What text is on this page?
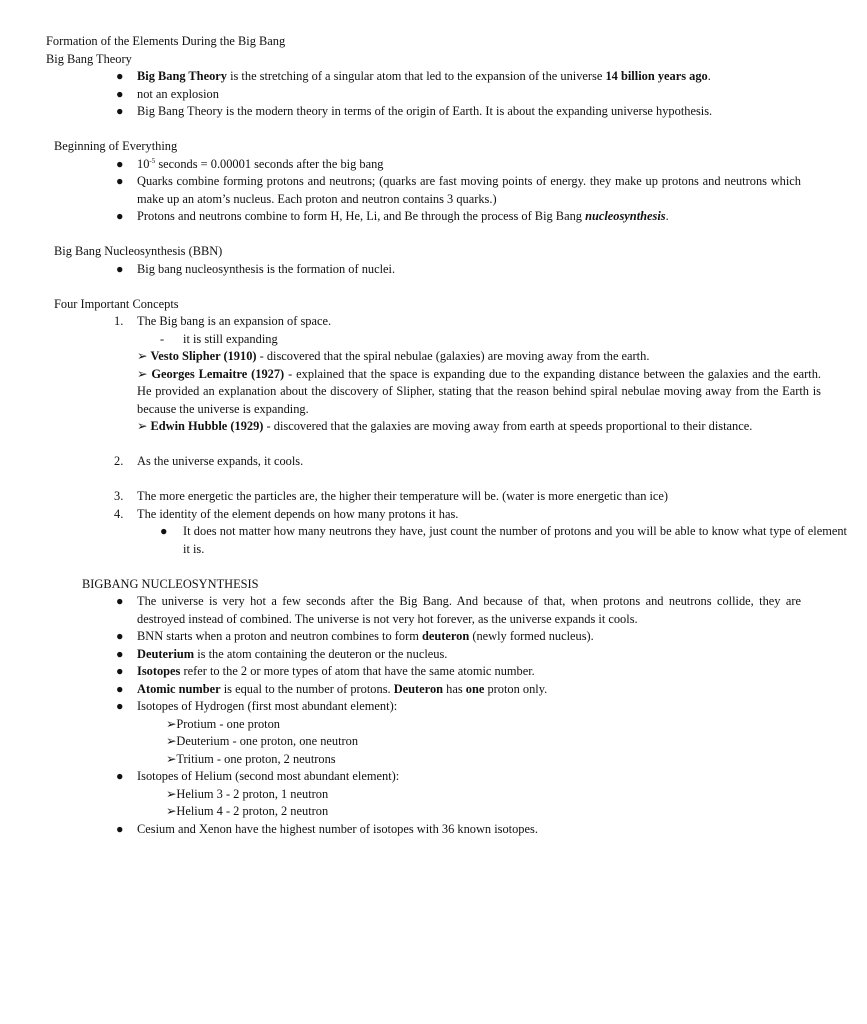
Formation of the Elements During the Big Bang

Big Bang Theory

● Big Bang Theory is the stretching of a singular atom that led to the expansion of the universe 14 billion years ago.
● not an explosion
● Big Bang Theory is the modern theory in terms of the origin of Earth. It is about the expanding universe hypothesis.

Beginning of Everything

● $10^{-5}$ seconds = 0.00001 seconds after the big bang
● Quarks combine forming protons and neutrons; (quarks are fast moving points of energy. they make up protons and neutrons which make up an atom’s nucleus. Each proton and neutron contains 3 quarks.)
● Protons and neutrons combine to form H, He, Li, and Be through the process of Big Bang nucleosynthesis.

Big Bang Nucleosynthesis (BBN)

● Big bang nucleosynthesis is the formation of nuclei.

Four Important Concepts

1. The Big bang is an expansion of space.
- it is still expanding
➢ Vesto Slipher (1910) - discovered that the spiral nebulae (galaxies) are moving away from the earth.
➢ Georges Lemaitre (1927) - explained that the space is expanding due to the expanding distance between the galaxies and the earth. He provided an explanation about the discovery of Slipher, stating that the reason behind spiral nebulae moving away from the Earth is because the universe is expanding.
➢ Edwin Hubble (1929) - discovered that the galaxies are moving away from earth at speeds proportional to their distance.
2. As the universe expands, it cools.
3. The more energetic the particles are, the higher their temperature will be. (water is more energetic than ice)
4. The identity of the element depends on how many protons it has.
● It does not matter how many neutrons they have, just count the number of protons and you will be able to know what type of element it is.

BIGBANG NUCLEOSYNTHESIS

● The universe is very hot a few seconds after the Big Bang. And because of that, when protons and neutrons collide, they are destroyed instead of combined. The universe is not very hot forever, as the universe expands it cools.
● BNN starts when a proton and neutron combines to form deuteron (newly formed nucleus).
● Deuterium is the atom containing the deuteron or the nucleus.
● Isotopes refer to the 2 or more types of atom that have the same atomic number.
● Atomic number is equal to the number of protons. Deuteron has one proton only.
● Isotopes of Hydrogen (first most abundant element):
➢Protium - one proton
➢Deuterium - one proton, one neutron
➢Tritium - one proton, 2 neutrons
● Isotopes of Helium (second most abundant element):
➢Helium 3 - 2 proton, 1 neutron
➢Helium 4 - 2 proton, 2 neutron
● Cesium and Xenon have the highest number of isotopes with 36 known isotopes.
